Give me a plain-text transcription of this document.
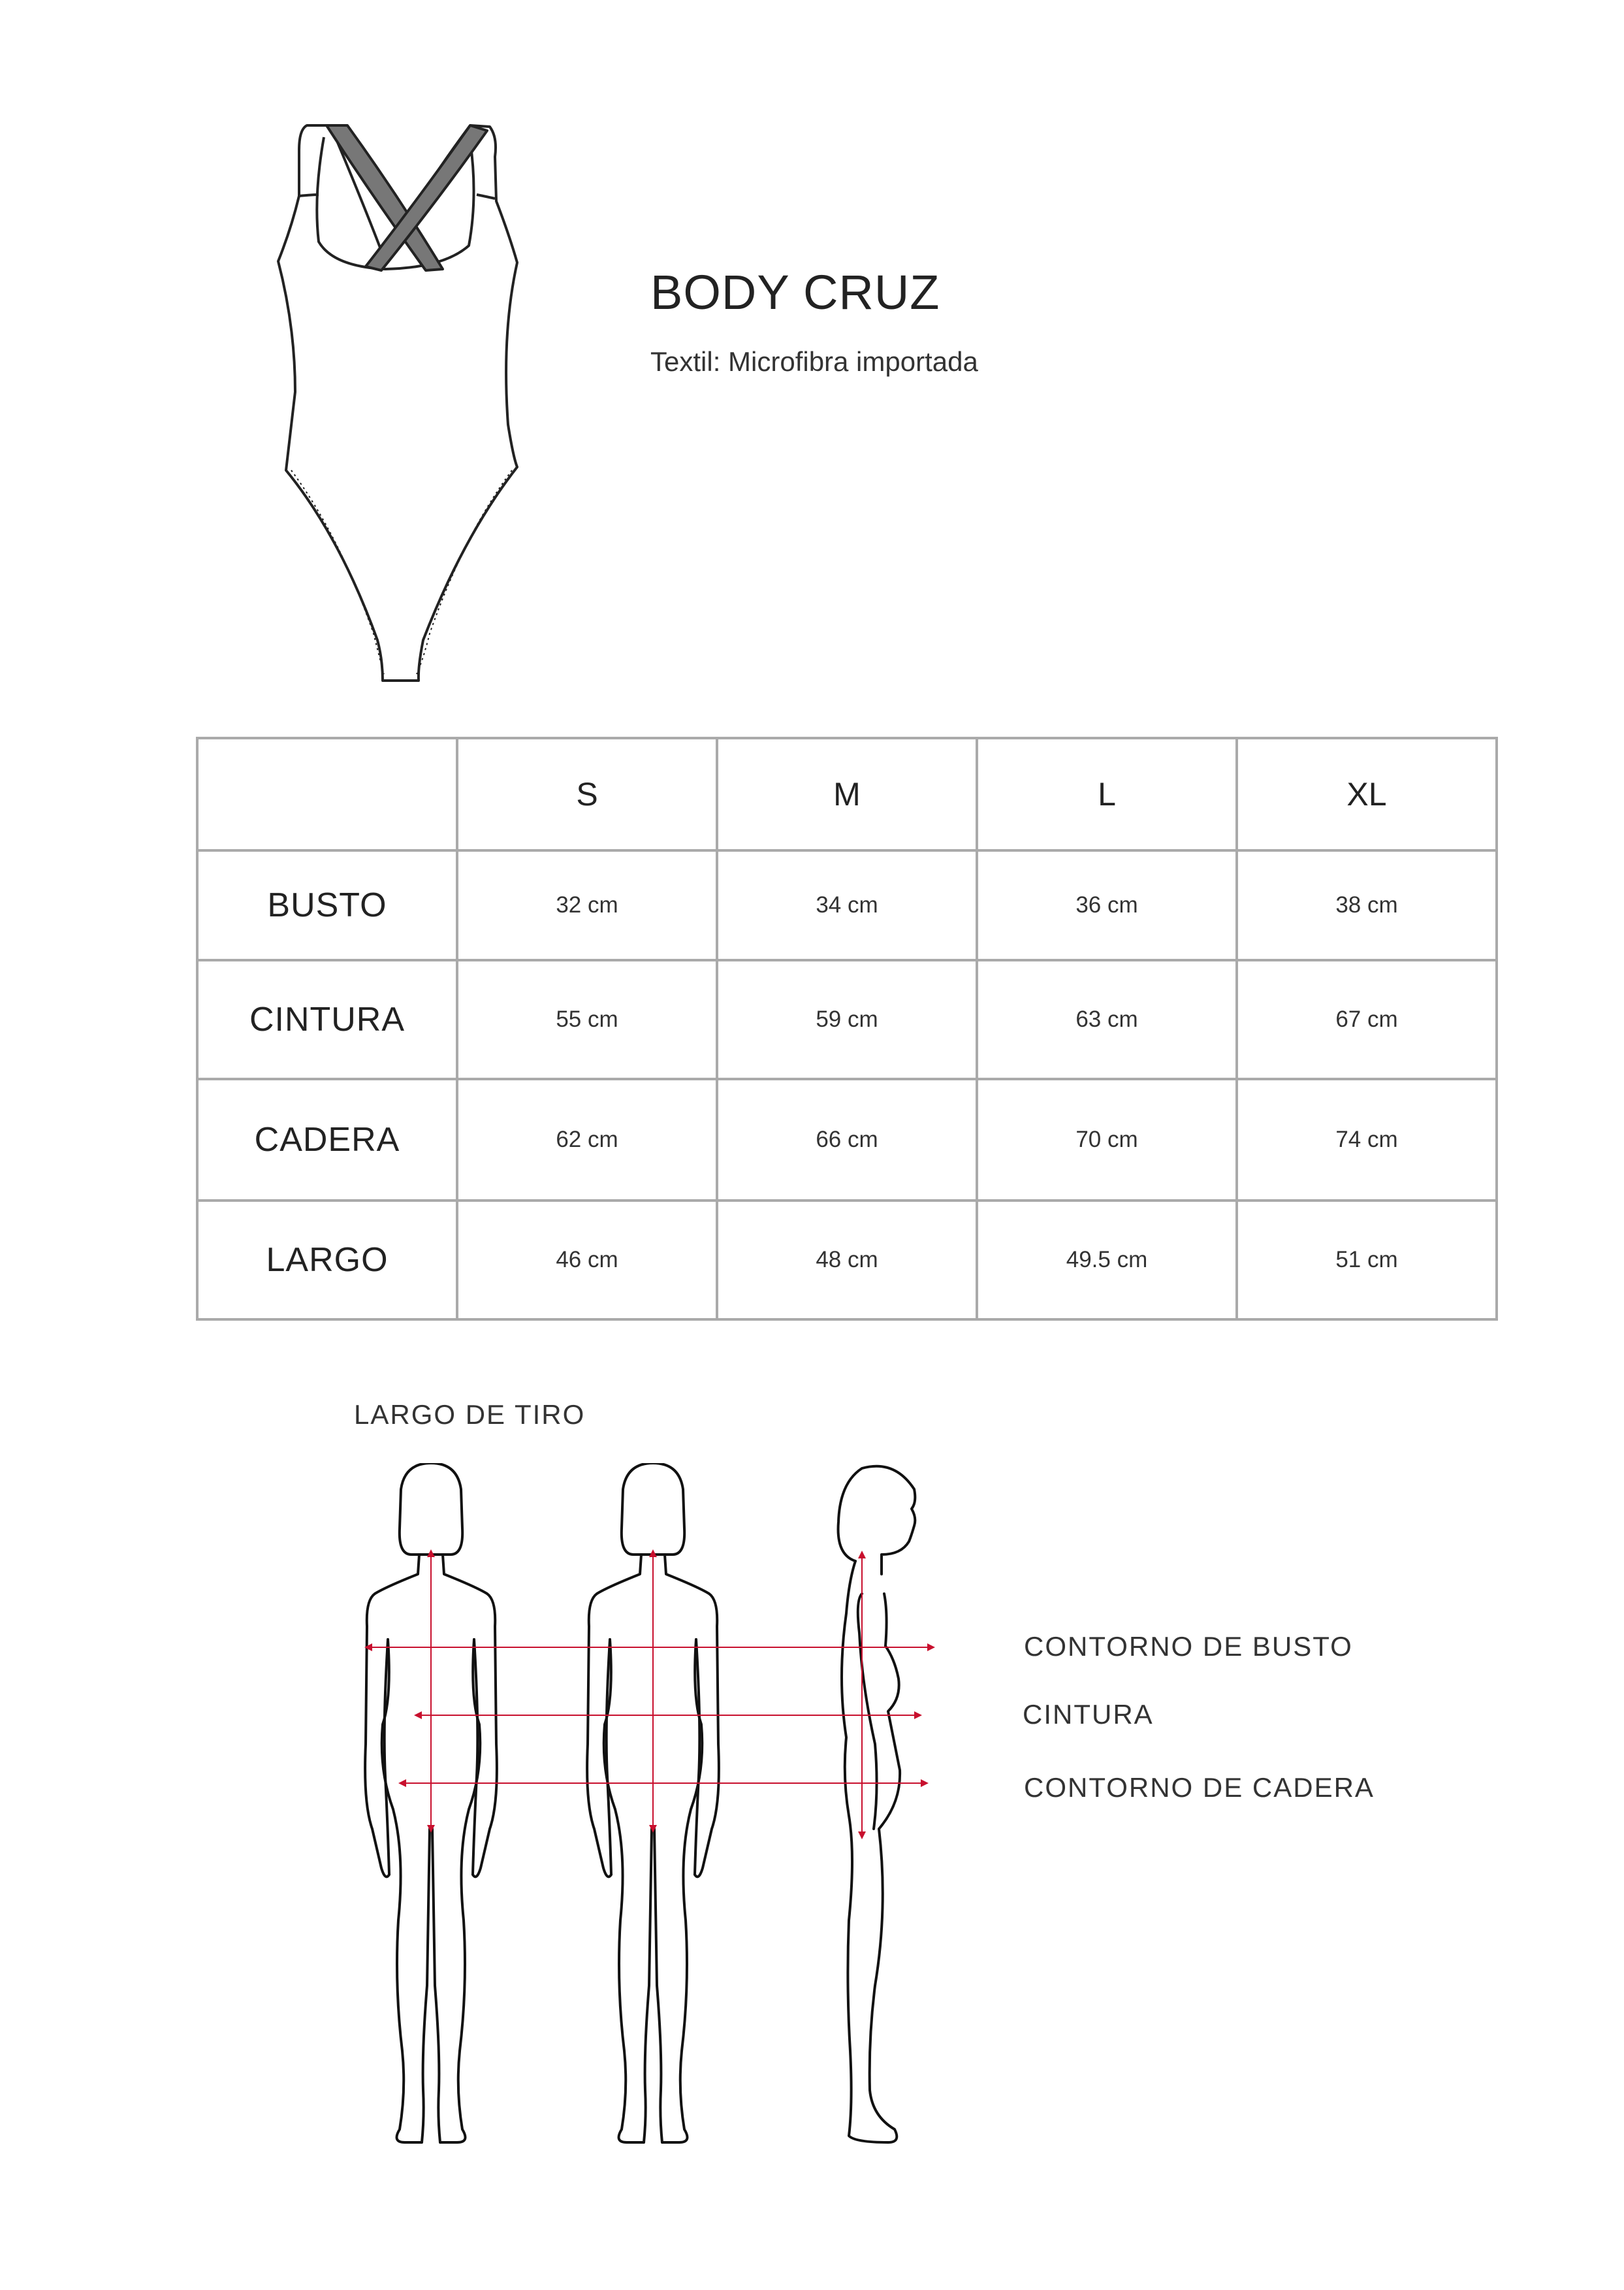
BODY CRUZ
Textil: Microfibra importada
	S	M	L	XL
BUSTO	32 cm	34 cm	36 cm	38 cm
CINTURA	55 cm	59 cm	63 cm	67 cm
CADERA	62 cm	66 cm	70 cm	74 cm
LARGO	46 cm	48 cm	49.5 cm	51 cm
LARGO DE TIRO
CONTORNO DE BUSTO
CINTURA
CONTORNO DE CADERA
